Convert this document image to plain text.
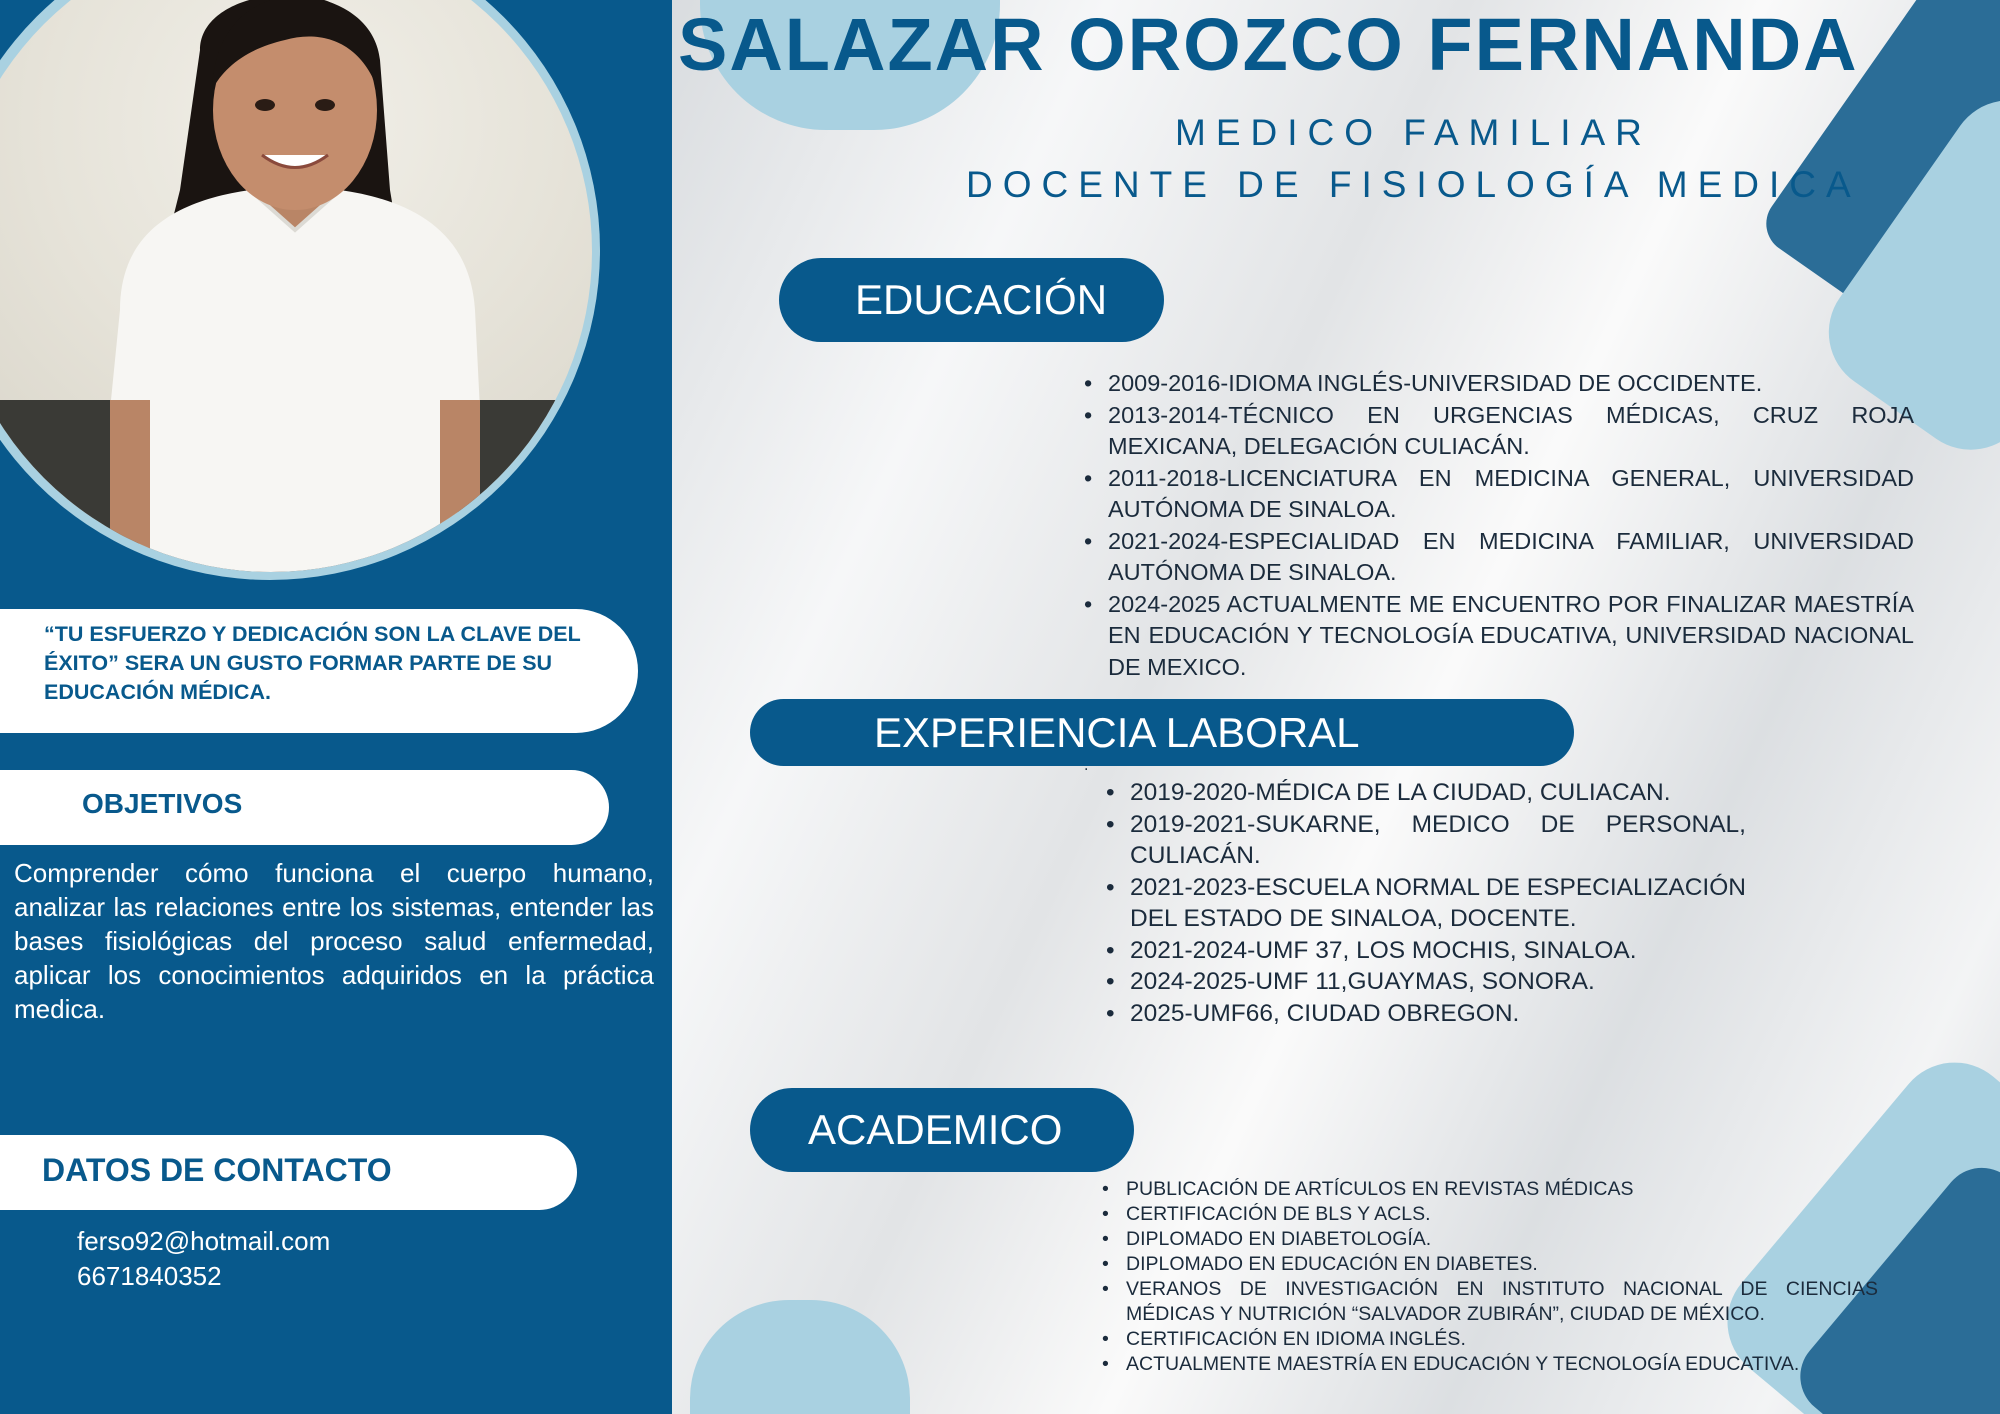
“TU ESFUERZO Y DEDICACIÓN SON LA CLAVE DEL ÉXITO” SERA UN GUSTO FORMAR PARTE DE SU EDUCACIÓN MÉDICA.
OBJETIVOS
Comprender cómo funciona el cuerpo humano, analizar las relaciones entre los sistemas, entender las bases fisiológicas del proceso salud enfermedad, aplicar los conocimientos adquiridos en la práctica medica.
DATOS DE CONTACTO
ferso92@hotmail.com
6671840352
SALAZAR OROZCO FERNANDA
MEDICO FAMILIAR
DOCENTE DE FISIOLOGÍA MEDICA
EDUCACIÓN
• 2009-2016-IDIOMA INGLÉS-UNIVERSIDAD DE OCCIDENTE.
• 2013-2014-TÉCNICO EN URGENCIAS MÉDICAS, CRUZ ROJA MEXICANA, DELEGACIÓN CULIACÁN.
• 2011-2018-LICENCIATURA EN MEDICINA GENERAL, UNIVERSIDAD AUTÓNOMA DE SINALOA.
• 2021-2024-ESPECIALIDAD EN MEDICINA FAMILIAR, UNIVERSIDAD AUTÓNOMA DE SINALOA.
• 2024-2025 ACTUALMENTE ME ENCUENTRO POR FINALIZAR MAESTRÍA EN EDUCACIÓN Y TECNOLOGÍA EDUCATIVA, UNIVERSIDAD NACIONAL DE MEXICO.
EXPERIENCIA LABORAL
·
• 2019-2020-MÉDICA DE LA CIUDAD, CULIACAN.
• 2019-2021-SUKARNE, MEDICO DE PERSONAL, CULIACÁN.
• 2021-2023-ESCUELA NORMAL DE ESPECIALIZACIÓN DEL ESTADO DE SINALOA, DOCENTE.
• 2021-2024-UMF 37, LOS MOCHIS, SINALOA.
• 2024-2025-UMF 11,GUAYMAS, SONORA.
• 2025-UMF66, CIUDAD OBREGON.
ACADEMICO
• PUBLICACIÓN DE ARTÍCULOS EN REVISTAS MÉDICAS
• CERTIFICACIÓN DE BLS Y ACLS.
• DIPLOMADO EN DIABETOLOGÍA.
• DIPLOMADO EN EDUCACIÓN EN DIABETES.
• VERANOS DE INVESTIGACIÓN EN INSTITUTO NACIONAL DE CIENCIAS MÉDICAS Y NUTRICIÓN “SALVADOR ZUBIRÁN”, CIUDAD DE MÉXICO.
• CERTIFICACIÓN EN IDIOMA INGLÉS.
• ACTUALMENTE MAESTRÍA EN EDUCACIÓN Y TECNOLOGÍA EDUCATIVA.
